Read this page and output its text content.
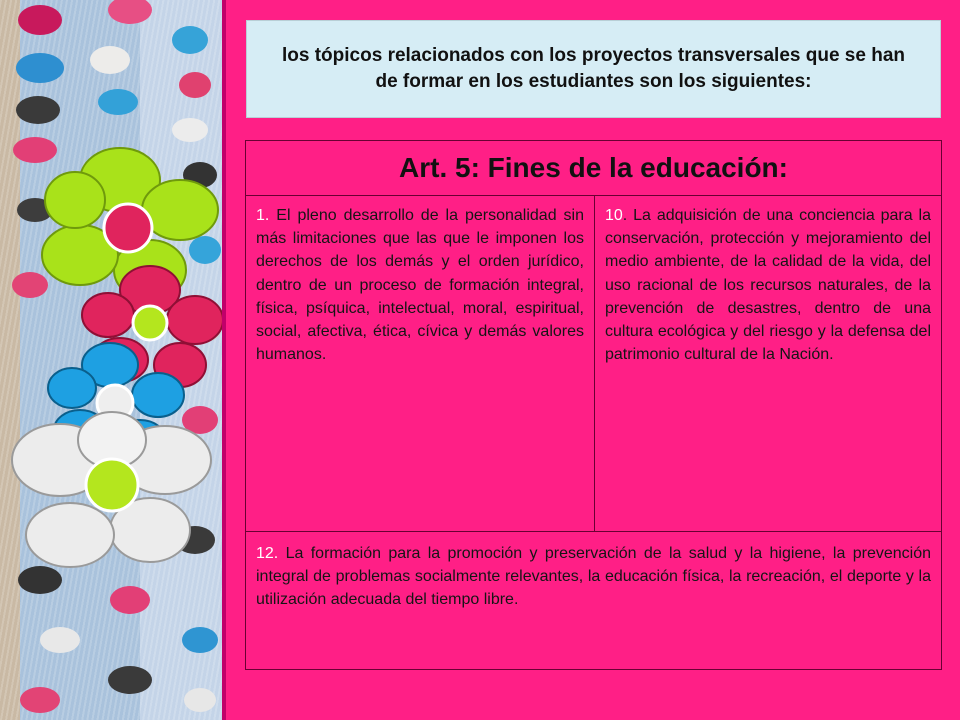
los tópicos relacionados con los proyectos transversales que se han de formar en los estudiantes son los siguientes:
Art. 5: Fines de la educación:
1. El pleno desarrollo de la personalidad sin más limitaciones que las que le imponen los derechos de los demás y el orden jurídico, dentro de un proceso de formación integral, física, psíquica, intelectual, moral, espiritual, social, afectiva, ética, cívica y demás valores humanos.
10. La adquisición de una conciencia para la conservación, protección y mejoramiento del medio ambiente, de la calidad de la vida, del uso racional de los recursos naturales, de la prevención de desastres, dentro de una cultura ecológica y del riesgo y la defensa del patrimonio cultural de la Nación.
12. La formación para la promoción y preservación de la salud y la higiene, la prevención integral de problemas socialmente relevantes, la educación física, la recreación, el deporte y la utilización adecuada del tiempo libre.
